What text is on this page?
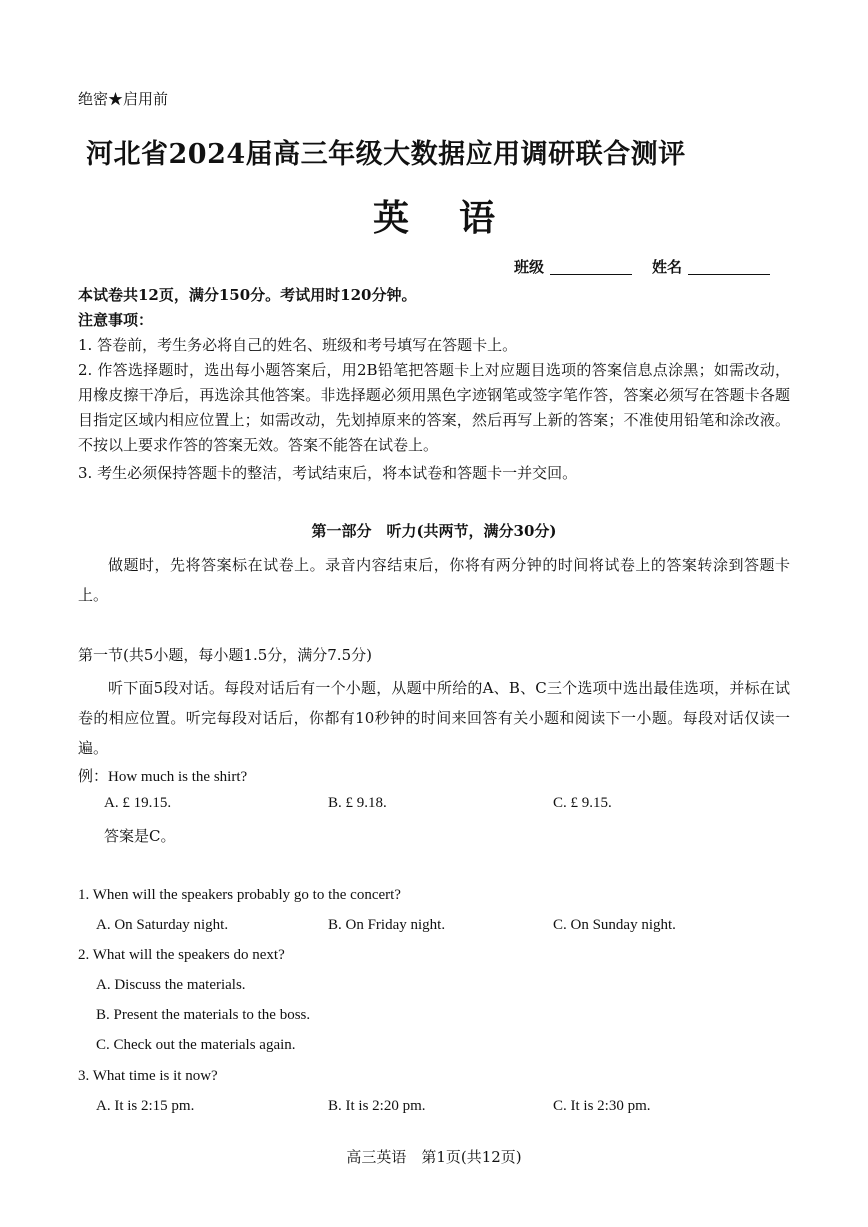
绝密★启用前
河北省2024届高三年级大数据应用调研联合测评
英语
班级	姓名
本试卷共12页，满分150分。考试用时120分钟。
注意事项：
1. 答卷前，考生务必将自己的姓名、班级和考号填写在答题卡上。
2. 作答选择题时，选出每小题答案后，用2B铅笔把答题卡上对应题目选项的答案信息点涂黑；如需改动，用橡皮擦干净后，再选涂其他答案。非选择题必须用黑色字迹钢笔或签字笔作答，答案必须写在答题卡各题目指定区域内相应位置上；如需改动，先划掉原来的答案，然后再写上新的答案；不准使用铅笔和涂改液。不按以上要求作答的答案无效。答案不能答在试卷上。
3. 考生必须保持答题卡的整洁，考试结束后，将本试卷和答题卡一并交回。
第一部分　听力(共两节，满分30分)
做题时，先将答案标在试卷上。录音内容结束后，你将有两分钟的时间将试卷上的答案转涂到答题卡上。
第一节(共5小题，每小题1.5分，满分7.5分)
听下面5段对话。每段对话后有一个小题，从题中所给的A、B、C三个选项中选出最佳选项，并标在试卷的相应位置。听完每段对话后，你都有10秒钟的时间来回答有关小题和阅读下一小题。每段对话仅读一遍。
例：How much is the shirt?
A. £ 19.15.	B. £ 9.18.	C. £ 9.15.
答案是C。
1. When will the speakers probably go to the concert?
A. On Saturday night.	B. On Friday night.	C. On Sunday night.
2. What will the speakers do next?
A. Discuss the materials.
B. Present the materials to the boss.
C. Check out the materials again.
3. What time is it now?
A. It is 2:15 pm.	B. It is 2:20 pm.	C. It is 2:30 pm.
高三英语　第1页(共12页)
